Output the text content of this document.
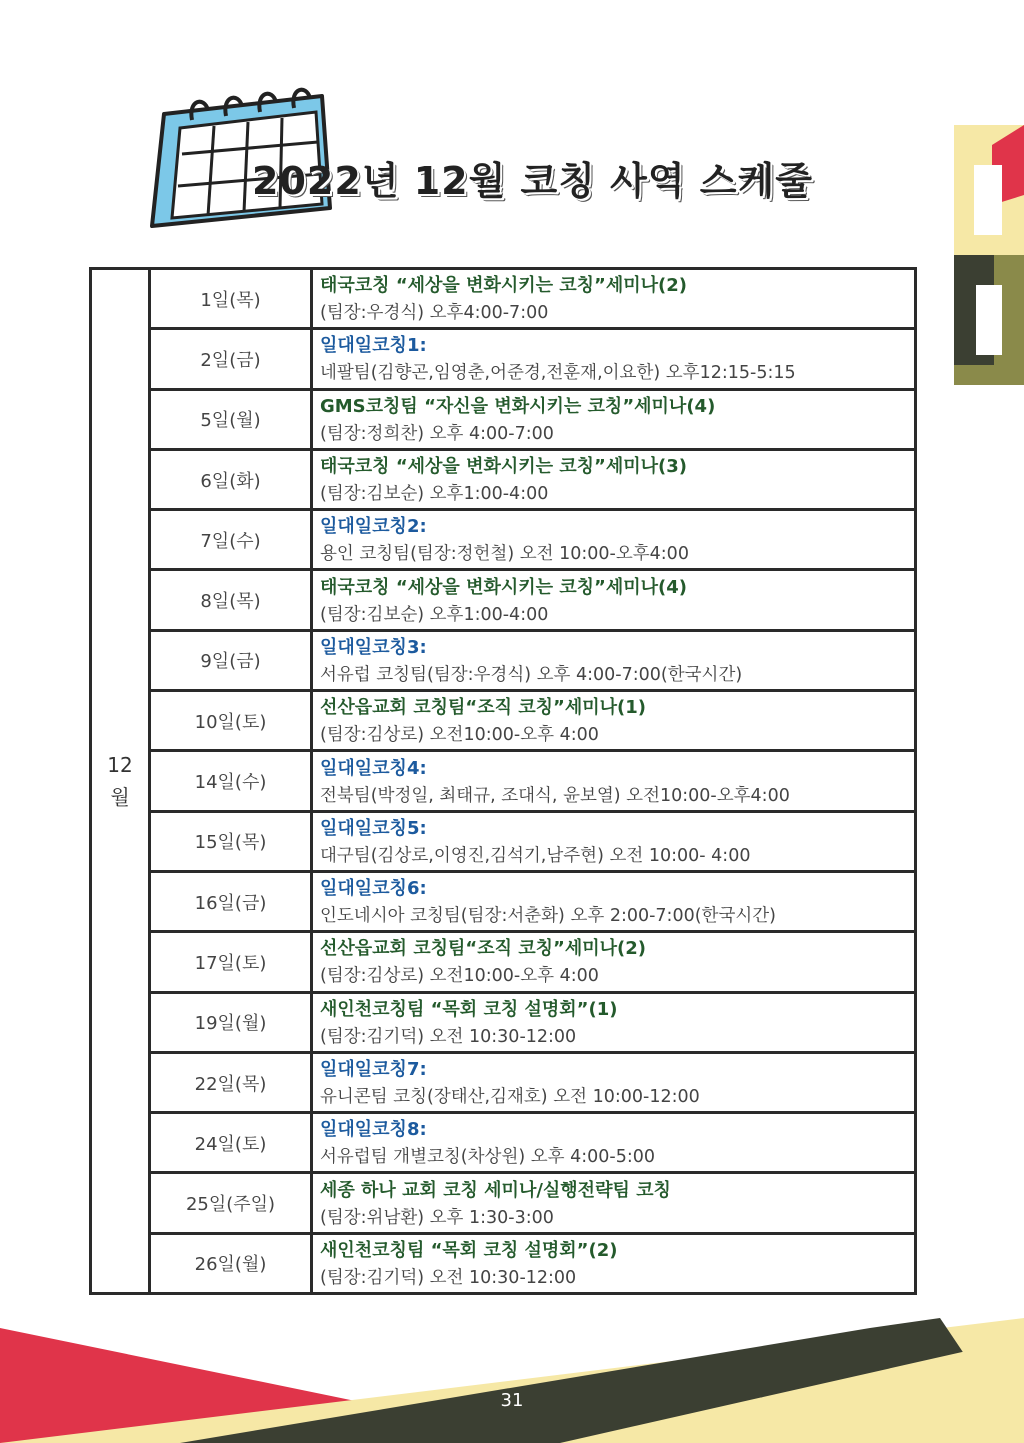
2022년 12월 코칭 사역 스케줄
12
월
1일(목)
태국코칭 “세상을 변화시키는 코칭”세미나(2)
(팀장:우경식) 오후4:00-7:00
2일(금)
일대일코칭1:
네팔팀(김향곤,임영춘,어준경,전훈재,이요한) 오후12:15-5:15
5일(월)
GMS코칭팀 “자신을 변화시키는 코칭”세미나(4)
(팀장:정희찬) 오후 4:00-7:00
6일(화)
태국코칭 “세상을 변화시키는 코칭”세미나(3)
(팀장:김보순) 오후1:00-4:00
7일(수)
일대일코칭2:
용인 코칭팀(팀장:정헌철) 오전 10:00-오후4:00
8일(목)
태국코칭 “세상을 변화시키는 코칭”세미나(4)
(팀장:김보순) 오후1:00-4:00
9일(금)
일대일코칭3:
서유럽 코칭팀(팀장:우경식) 오후 4:00-7:00(한국시간)
10일(토)
선산읍교회 코칭팀“조직 코칭”세미나(1)
(팀장:김상로) 오전10:00-오후 4:00
14일(수)
일대일코칭4:
전북팀(박정일, 최태규, 조대식, 윤보열) 오전10:00-오후4:00
15일(목)
일대일코칭5:
대구팀(김상로,이영진,김석기,남주현) 오전 10:00- 4:00
16일(금)
일대일코칭6:
인도네시아 코칭팀(팀장:서춘화) 오후 2:00-7:00(한국시간)
17일(토)
선산읍교회 코칭팀“조직 코칭”세미나(2)
(팀장:김상로) 오전10:00-오후 4:00
19일(월)
새인천코칭팀 “목회 코칭 설명회”(1)
(팀장:김기덕) 오전 10:30-12:00
22일(목)
일대일코칭7:
유니콘팀 코칭(장태산,김재호) 오전 10:00-12:00
24일(토)
일대일코칭8:
서유럽팀 개별코칭(차상원) 오후 4:00-5:00
25일(주일)
세종 하나 교회 코칭 세미나/실행전략팀 코칭
(팀장:위남환) 오후 1:30-3:00
26일(월)
새인천코칭팀 “목회 코칭 설명회”(2)
(팀장:김기덕) 오전 10:30-12:00
31
